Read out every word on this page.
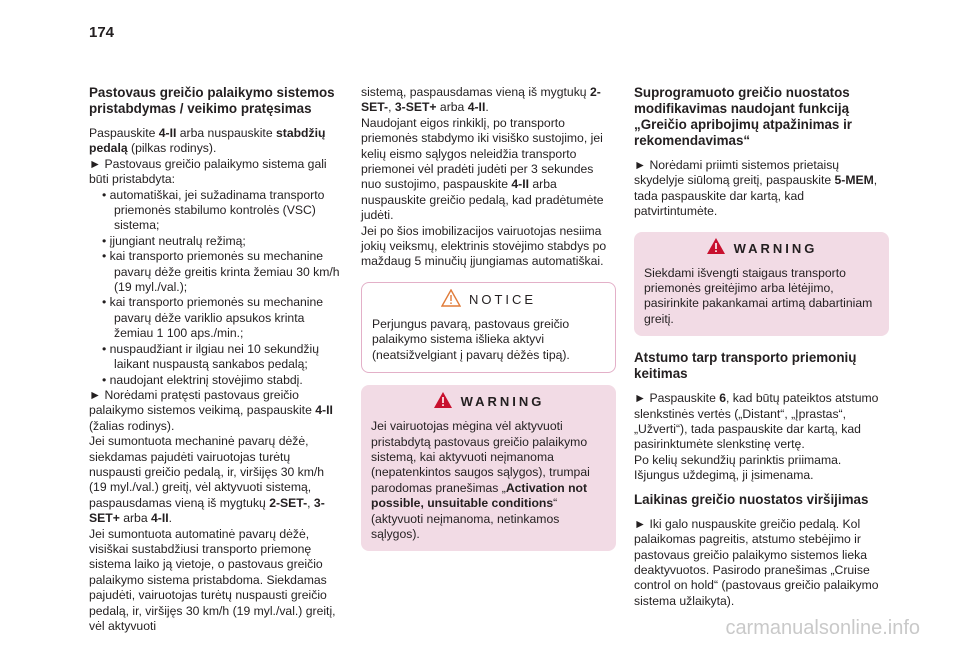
174
Pastovaus greičio palaikymo sistemos pristabdymas / veikimo pratęsimas

Paspauskite 4-II arba nuspauskite stabdžių pedalą (pilkas rodinys).

► Pastovaus greičio palaikymo sistema gali būti pristabdyta:

• automatiškai, jei sužadinama transporto priemonės stabilumo kontrolės (VSC) sistema;

• įjungiant neutralų režimą;

• kai transporto priemonės su mechanine pavarų dėže greitis krinta žemiau 30 km/h (19 myl./val.);

• kai transporto priemonės su mechanine pavarų dėže variklio apsukos krinta žemiau 1 100 aps./min.;

• nuspaudžiant ir ilgiau nei 10 sekundžių laikant nuspaustą sankabos pedalą;

• naudojant elektrinį stovėjimo stabdį.

► Norėdami pratęsti pastovaus greičio palaikymo sistemos veikimą, paspauskite 4-II (žalias rodinys).

Jei sumontuota mechaninė pavarų dėžė, siekdamas pajudėti vairuotojas turėtų nuspausti greičio pedalą, ir, viršijęs 30 km/h (19 myl./val.) greitį, vėl aktyvuoti sistemą, paspausdamas vieną iš mygtukų 2-SET-, 3-SET+ arba 4-II.

Jei sumontuota automatinė pavarų dėžė, visiškai sustabdžiusi transporto priemonę sistema laiko ją vietoje, o pastovaus greičio palaikymo sistema pristabdoma. Siekdamas pajudėti, vairuotojas turėtų nuspausti greičio pedalą, ir, viršijęs 30 km/h (19 myl./val.) greitį, vėl aktyvuoti

sistemą, paspausdamas vieną iš mygtukų 2-SET-, 3-SET+ arba 4-II.

Naudojant eigos rinkiklį, po transporto priemonės stabdymo iki visiško sustojimo, jei kelių eismo sąlygos neleidžia transporto priemonei vėl pradėti judėti per 3 sekundes nuo sustojimo, paspauskite 4-II arba nuspauskite greičio pedalą, kad pradėtumėte judėti.

Jei po šios imobilizacijos vairuotojas nesiima jokių veiksmų, elektrinis stovėjimo stabdys po maždaug 5 minučių įjungiamas automatiškai.

NOTICE

Perjungus pavarą, pastovaus greičio palaikymo sistema išlieka aktyvi (neatsižvelgiant į pavarų dėžės tipą).

WARNING

Jei vairuotojas mėgina vėl aktyvuoti pristabdytą pastovaus greičio palaikymo sistemą, kai aktyvuoti neįmanoma (nepatenkintos saugos sąlygos), trumpai parodomas pranešimas „Activation not possible, unsuitable conditions“ (aktyvuoti neįmanoma, netinkamos sąlygos).

Suprogramuoto greičio nuostatos modifikavimas naudojant funkciją „Greičio apribojimų atpažinimas ir rekomendavimas“

► Norėdami priimti sistemos prietaisų skydelyje siūlomą greitį, paspauskite 5-MEM, tada paspauskite dar kartą, kad patvirtintumėte.

WARNING

Siekdami išvengti staigaus transporto priemonės greitėjimo arba lėtėjimo, pasirinkite pakankamai artimą dabartiniam greitį.

Atstumo tarp transporto priemonių keitimas

► Paspauskite 6, kad būtų pateiktos atstumo slenkstinės vertės („Distant“, „Įprastas“, „Užverti“), tada paspauskite dar kartą, kad pasirinktumėte slenkstinę vertę.

Po kelių sekundžių parinktis priimama. Išjungus uždegimą, ji įsimenama.

Laikinas greičio nuostatos viršijimas

► Iki galo nuspauskite greičio pedalą. Kol palaikomas pagreitis, atstumo stebėjimo ir pastovaus greičio palaikymo sistemos lieka deaktyvuotos. Pasirodo pranešimas „Cruise control on hold“ (pastovaus greičio palaikymo sistema užlaikyta).

carmanualsonline.info
